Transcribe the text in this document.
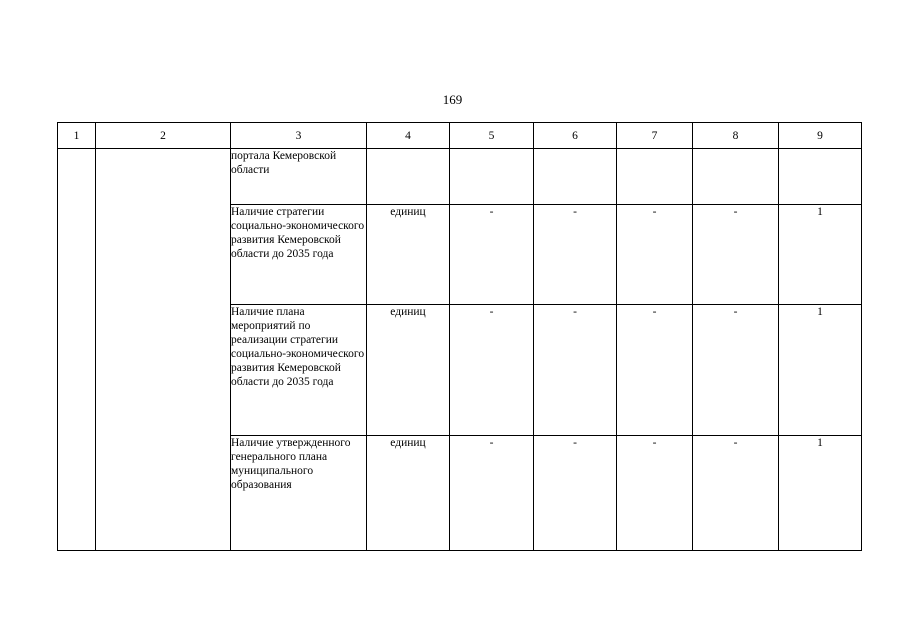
169
1	2	3	4	5	6	7	8	9
		портала Кемеровской области						
		Наличие стратегии социально-экономического развития Кемеровской области до 2035 года	единиц	-	-	-	-	1
		Наличие плана мероприятий по реализации стратегии социально-экономического развития Кемеровской области до 2035 года	единиц	-	-	-	-	1
		Наличие утвержденного генерального плана муниципального образования	единиц	-	-	-	-	1
